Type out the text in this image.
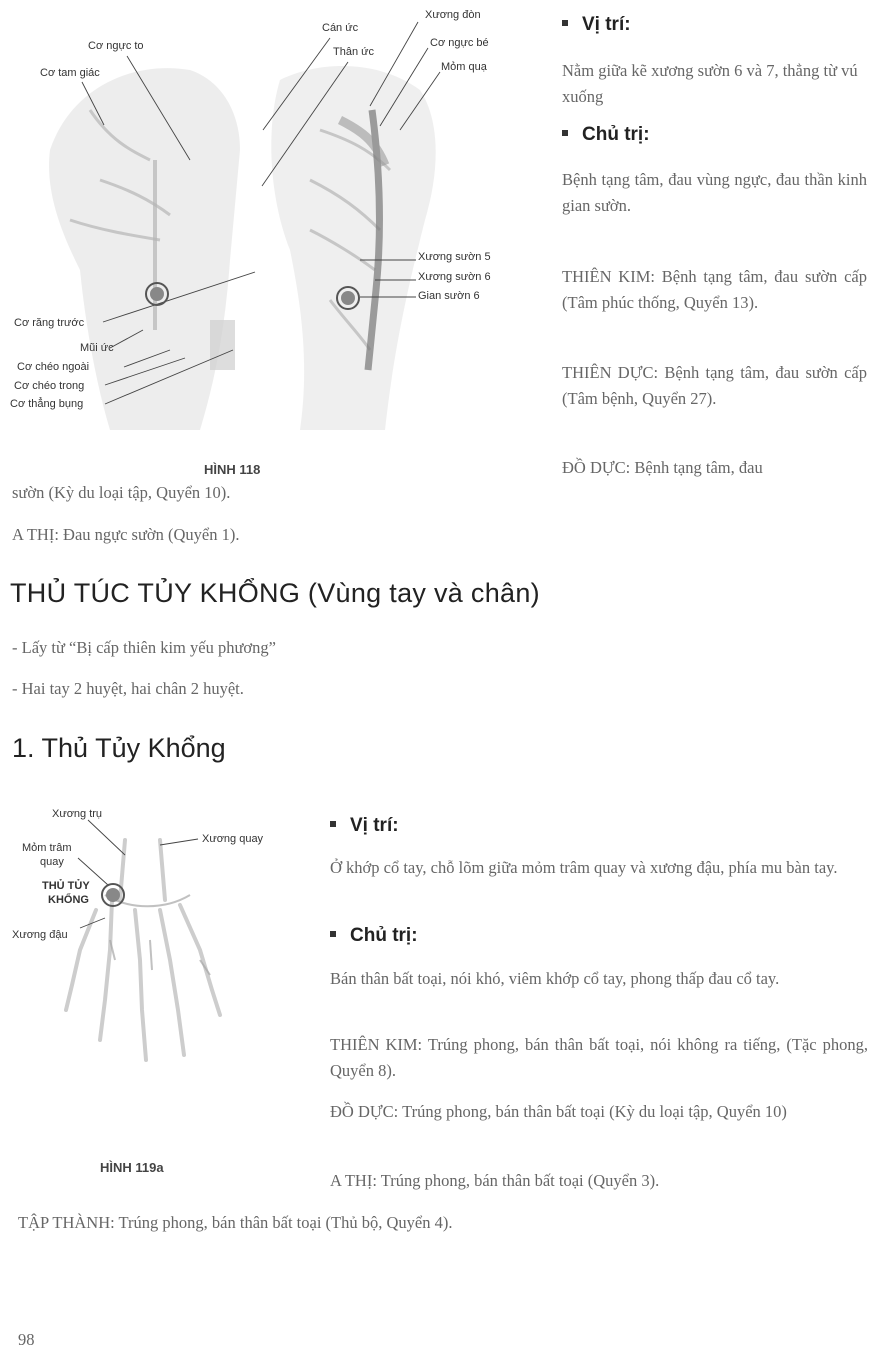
Cơ ngực to
Cơ tam giác
Cán ức
Thân ức
Xương đòn
Cơ ngực bé
Mỏm quạ
Xương sườn 5
Xương sườn 6
Gian sườn 6
Cơ răng trước
Mũi ức
Cơ chéo ngoài
Cơ chéo trong
Cơ thẳng bụng
HÌNH 118
Vị trí:
Nằm giữa kẽ xương sườn 6 và 7, thẳng từ vú xuống
Chủ trị:
Bệnh tạng tâm, đau vùng ngực, đau thần kinh gian sườn.
THIÊN KIM: Bệnh tạng tâm, đau sườn cấp (Tâm phúc thống, Quyển 13).
THIÊN DỰC: Bệnh tạng tâm, đau sườn cấp (Tâm bệnh, Quyển 27).
ĐỒ DỰC: Bệnh tạng tâm, đau
sườn (Kỳ du loại tập, Quyển 10).
A THỊ: Đau ngực sườn (Quyển 1).
THỦ TÚC TỦY KHỔNG (Vùng tay và chân)
- Lấy từ “Bị cấp thiên kim yếu phương”
- Hai tay 2 huyệt, hai chân 2 huyệt.
1. Thủ Tủy Khổng
Xương trụ
Xương quay
Mỏm trâm
quay
THỦ TỦY
KHỔNG
Xương đậu
HÌNH 119a
Vị trí:
Ở khớp cổ tay, chỗ lõm giữa mỏm trâm quay và xương đậu, phía mu bàn tay.
Chủ trị:
Bán thân bất toại, nói khó, viêm khớp cổ tay, phong thấp đau cổ tay.
THIÊN KIM: Trúng phong, bán thân bất toại, nói không ra tiếng, (Tặc phong, Quyển 8).
ĐỒ DỰC: Trúng phong, bán thân bất toại (Kỳ du loại tập, Quyển 10)
A THỊ: Trúng phong, bán thân bất toại (Quyển 3).
TẬP THÀNH: Trúng phong, bán thân bất toại (Thủ bộ, Quyển 4).
98
